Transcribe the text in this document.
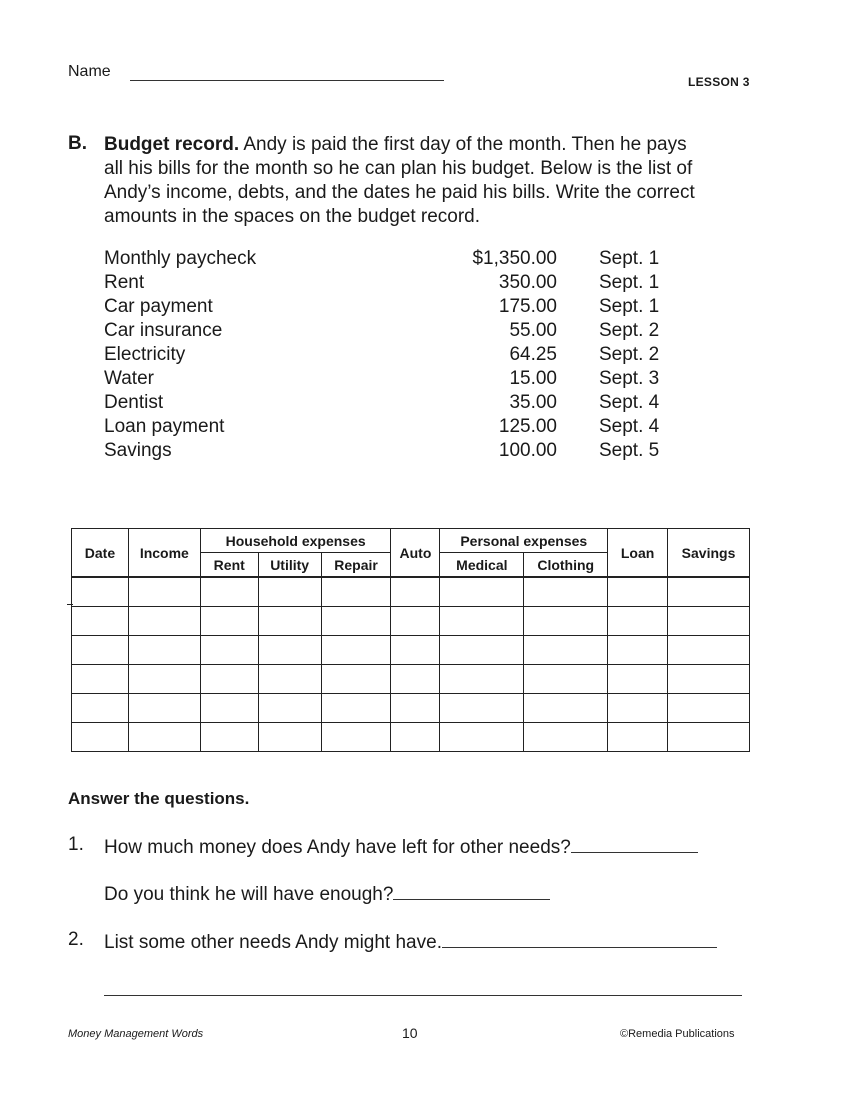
Name
LESSON 3
B. Budget record. Andy is paid the first day of the month. Then he pays all his bills for the month so he can plan his budget. Below is the list of Andy’s income, debts, and the dates he paid his bills. Write the correct amounts in the spaces on the budget record.
Monthly paycheck	$1,350.00 Sept. 1
Rent	350.00 Sept. 1
Car payment	175.00 Sept. 1
Car insurance	55.00 Sept. 2
Electricity	64.25 Sept. 2
Water	15.00 Sept. 3
Dentist	35.00 Sept. 4
Loan payment	125.00 Sept. 4
Savings	100.00 Sept. 5
Date	Income	Household expenses			Auto	Personal expenses		Loan	Savings
		Rent	Utility	Repair		Medical	Clothing		

Answer the questions.
1. How much money does Andy have left for other needs?
Do you think he will have enough?
2. List some other needs Andy might have.
Money Management Words	10	©Remedia Publications
